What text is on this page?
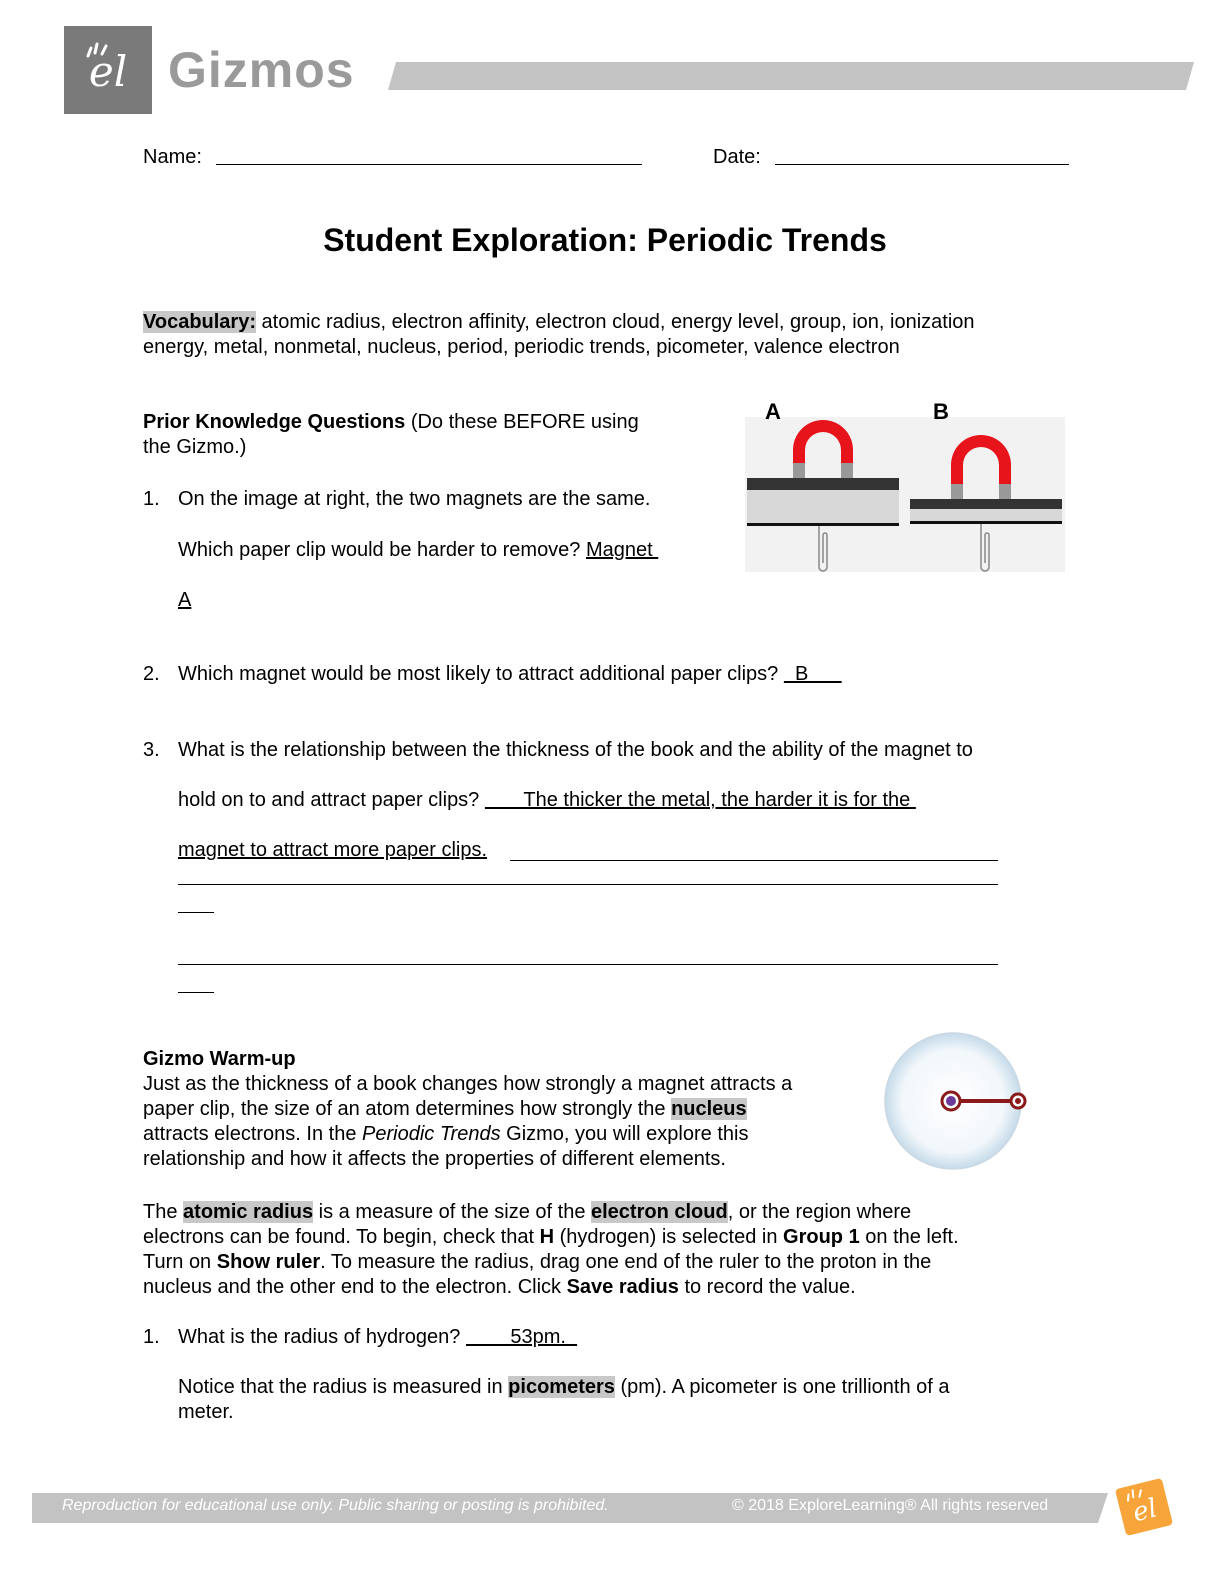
el Gizmos
Name:	Date:
Student Exploration: Periodic Trends
Vocabulary: atomic radius, electron affinity, electron cloud, energy level, group, ion, ionization
energy, metal, nonmetal, nucleus, period, periodic trends, picometer, valence electron
Prior Knowledge Questions (Do these BEFORE using
the Gizmo.)
A	B
1. On the image at right, the two magnets are the same.
Which paper clip would be harder to remove? Magnet
A
2. Which magnet would be most likely to attract additional paper clips?   B
3. What is the relationship between the thickness of the book and the ability of the magnet to
hold on to and attract paper clips?        The thicker the metal, the harder it is for the
magnet to attract more paper clips.
Gizmo Warm-up
Just as the thickness of a book changes how strongly a magnet attracts a
paper clip, the size of an atom determines how strongly the nucleus
attracts electrons. In the Periodic Trends Gizmo, you will explore this
relationship and how it affects the properties of different elements.
The atomic radius is a measure of the size of the electron cloud, or the region where
electrons can be found. To begin, check that H (hydrogen) is selected in Group 1 on the left.
Turn on Show ruler. To measure the radius, drag one end of the ruler to the proton in the
nucleus and the other end to the electron. Click Save radius to record the value.
1. What is the radius of hydrogen?         53pm.
Notice that the radius is measured in picometers (pm). A picometer is one trillionth of a
meter.
Reproduction for educational use only. Public sharing or posting is prohibited.	© 2018 ExploreLearning® All rights reserved	el
